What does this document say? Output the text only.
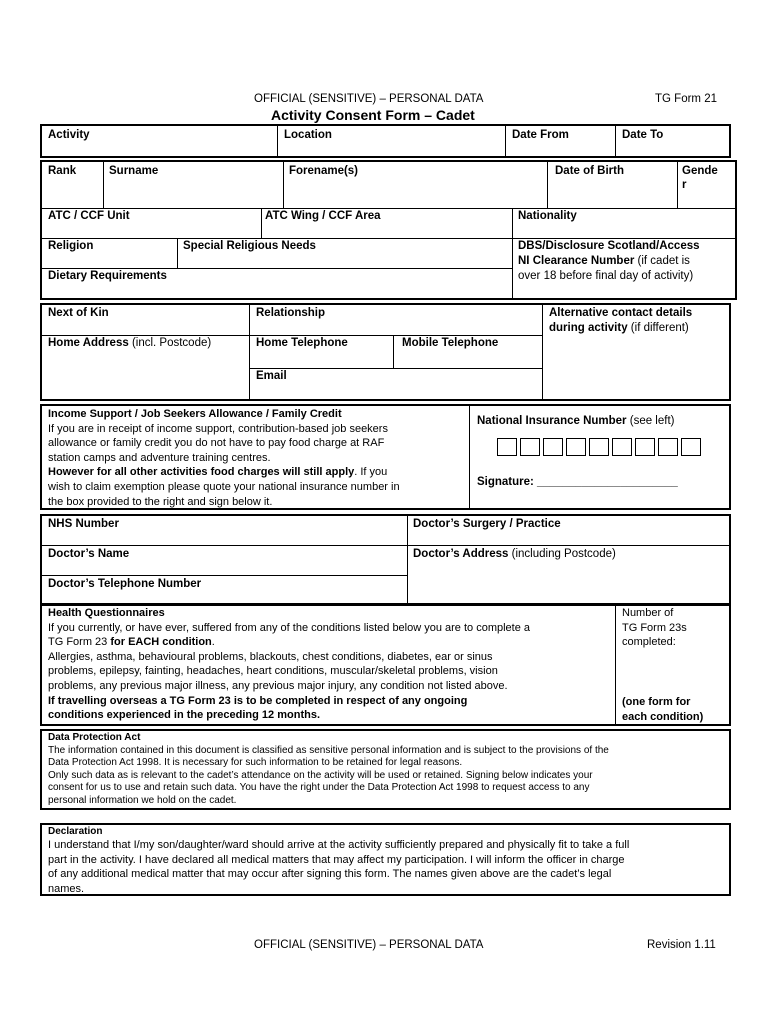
OFFICIAL (SENSITIVE) – PERSONAL DATA	TG Form 21
Activity Consent Form – Cadet
Activity	Location	Date From	Date To
Rank	Surname	Forename(s)	Date of Birth	Gende
r
ATC / CCF Unit	ATC Wing / CCF Area	Nationality
Religion	Special Religious Needs	DBS/Disclosure Scotland/Access
NI Clearance Number (if cadet is
over 18 before final day of activity)
Dietary Requirements
Next of Kin	Relationship	Alternative contact details
during activity (if different)
Home Address (incl. Postcode)	Home Telephone	Mobile Telephone
Email
Income Support / Job Seekers Allowance / Family Credit
If you are in receipt of income support, contribution-based job seekers
allowance or family credit you do not have to pay food charge at RAF
station camps and adventure training centres.
However for all other activities food charges will still apply. If you
wish to claim exemption please quote your national insurance number in
the box provided to the right and sign below it.
National Insurance Number (see left)
Signature: ______________________
NHS Number	Doctor’s Surgery / Practice
Doctor’s Name	Doctor’s Address (including Postcode)
Doctor’s Telephone Number
Health Questionnaires
If you currently, or have ever, suffered from any of the conditions listed below you are to complete a
TG Form 23 for EACH condition.
Allergies, asthma, behavioural problems, blackouts, chest conditions, diabetes, ear or sinus
problems, epilepsy, fainting, headaches, heart conditions, muscular/skeletal problems, vision
problems, any previous major illness, any previous major injury, any condition not listed above.
If travelling overseas a TG Form 23 is to be completed in respect of any ongoing
conditions experienced in the preceding 12 months.
Number of
TG Form 23s
completed:
(one form for
each condition)
Data Protection Act
The information contained in this document is classified as sensitive personal information and is subject to the provisions of the
Data Protection Act 1998. It is necessary for such information to be retained for legal reasons.
Only such data as is relevant to the cadet’s attendance on the activity will be used or retained. Signing below indicates your
consent for us to use and retain such data. You have the right under the Data Protection Act 1998 to request access to any
personal information we hold on the cadet.
Declaration
I understand that I/my son/daughter/ward should arrive at the activity sufficiently prepared and physically fit to take a full
part in the activity. I have declared all medical matters that may affect my participation. I will inform the officer in charge
of any additional medical matter that may occur after signing this form. The names given above are the cadet’s legal
names.
OFFICIAL (SENSITIVE) – PERSONAL DATA	Revision 1.11
